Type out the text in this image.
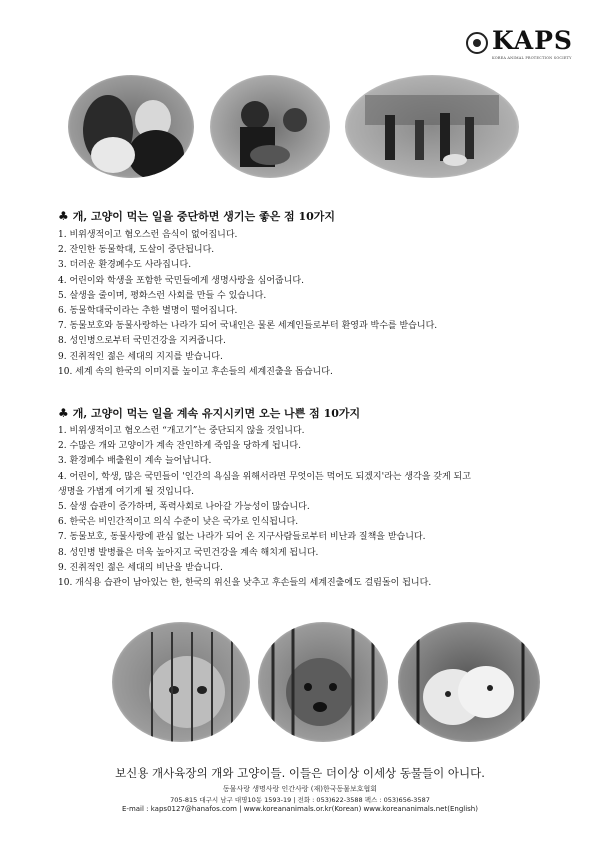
KAPS
KOREA ANIMAL PROTECTION SOCIETY
♣ 개, 고양이 먹는 일을 중단하면 생기는 좋은 점 10가지
1. 비위생적이고 혐오스런 음식이 없어집니다.
2. 잔인한 동물학대, 도살이 중단됩니다.
3. 더러운 환경폐수도 사라집니다.
4. 어린이와 학생을 포함한 국민들에게 생명사랑을 심어줍니다.
5. 살생을 줄이며, 평화스런 사회를 만들 수 있습니다.
6. 동물학대국이라는 추한 별명이 떨어집니다.
7. 동물보호와 동물사랑하는 나라가 되어 국내인은 물론 세계인들로부터 환영과 박수를 받습니다.
8. 성인병으로부터 국민건강을 지켜줍니다.
9. 진취적인 젊은 세대의 지지를 받습니다.
10. 세계 속의 한국의 이미지를 높이고 후손들의 세계진출을 돕습니다.
♣ 개, 고양이 먹는 일을 계속 유지시키면 오는 나쁜 점 10가지
1. 비위생적이고 혐오스런 “개고기”는 중단되지 않을 것입니다.
2. 수많은 개와 고양이가 계속 잔인하게 죽임을 당하게 됩니다.
3. 환경폐수 배출원이 계속 늘어납니다.
4. 어린이, 학생, 많은 국민들이 '인간의 욕심을 위해서라면 무엇이든 먹어도 되겠지'라는 생각을 갖게 되고
생명을 가볍게 여기게 될 것입니다.
5. 살생 습관이 증가하며, 폭력사회로 나아갈 가능성이 많습니다.
6. 한국은 비인간적이고 의식 수준이 낮은 국가로 인식됩니다.
7. 동물보호, 동물사랑에 관심 없는 나라가 되어 온 지구사람들로부터 비난과 질책을 받습니다.
8. 성인병 발병률은 더욱 높아지고 국민건강을 계속 해치게 됩니다.
9. 진취적인 젊은 세대의 비난을 받습니다.
10. 개식용 습관이 남아있는 한, 한국의 위신을 낮추고 후손들의 세계진출에도 걸림돌이 됩니다.
보신용 개사육장의 개와 고양이들. 이들은 더이상 이세상 동물들이 아니다.
동물사랑 생명사랑 인간사랑 (재)한국동물보호협회
705-815 대구시 남구 대명10동 1593-19 | 전화 : 053)622-3588 팩스 : 053)656-3587
E-mail : kaps0127@hanafos.com | www.koreananimals.or.kr(Korean) www.koreananimals.net(English)
